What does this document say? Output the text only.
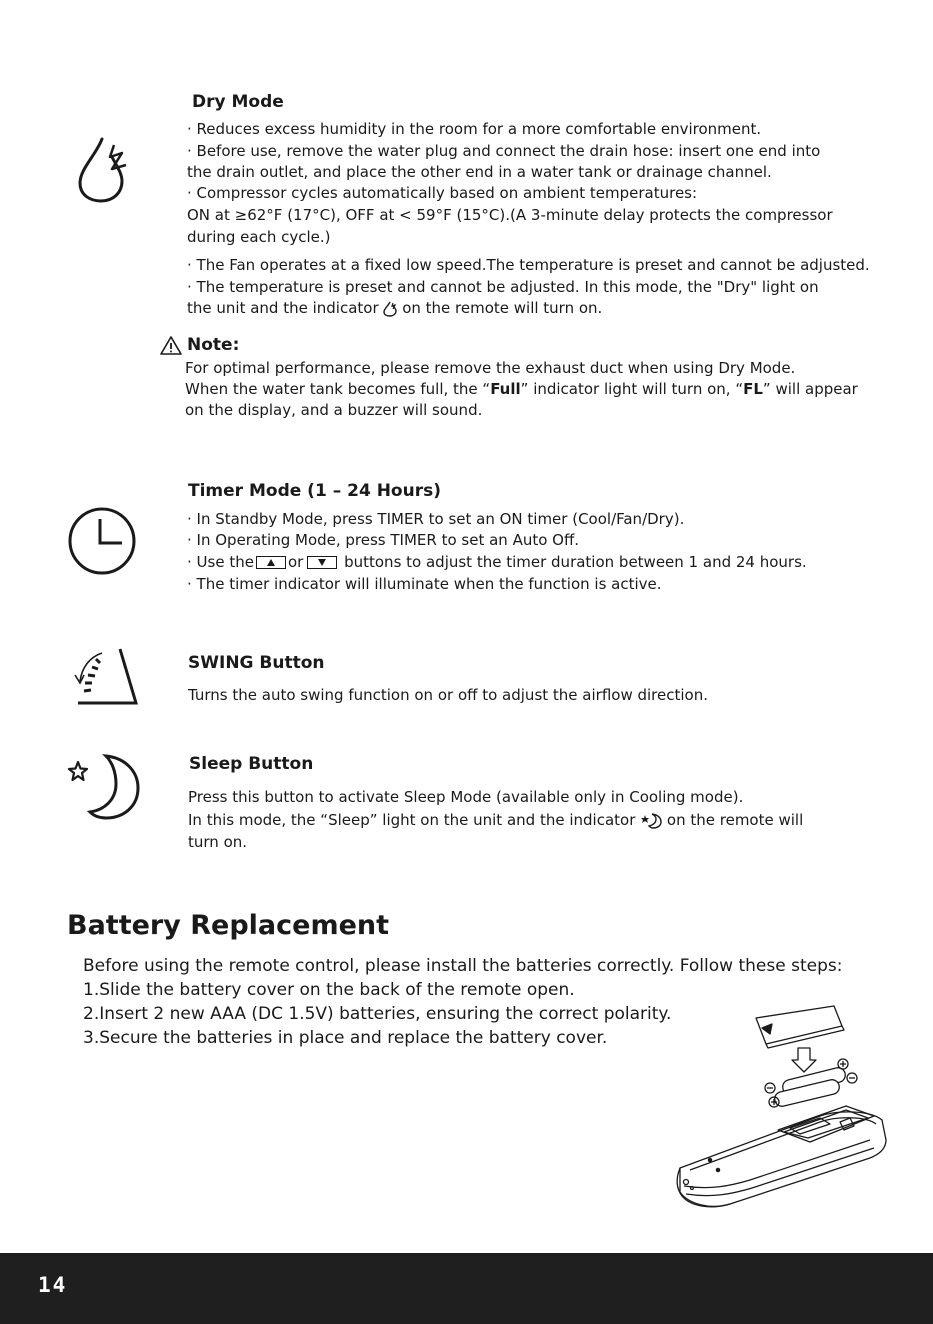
Dry Mode
· Reduces excess humidity in the room for a more comfortable environment.
· Before use, remove the water plug and connect the drain hose: insert one end into
the drain outlet, and place the other end in a water tank or drainage channel.
· Compressor cycles automatically based on ambient temperatures:
ON at ≥62°F (17°C), OFF at < 59°F (15°C).(A 3-minute delay protects the compressor
during each cycle.)
· The Fan operates at a fixed low speed.The temperature is preset and cannot be adjusted.
· The temperature is preset and cannot be adjusted. In this mode, the "Dry" light on
the unit and the indicator on the remote will turn on.
Note:
For optimal performance, please remove the exhaust duct when using Dry Mode.
When the water tank becomes full, the “Full” indicator light will turn on, “FL” will appear
on the display, and a buzzer will sound.
Timer Mode (1 – 24 Hours)
· In Standby Mode, press TIMER to set an ON timer (Cool/Fan/Dry).
· In Operating Mode, press TIMER to set an Auto Off.
· Use the or	buttons to adjust the timer duration between 1 and 24 hours.
· The timer indicator will illuminate when the function is active.
SWING Button
Turns the auto swing function on or off to adjust the airflow direction.
Sleep Button
Press this button to activate Sleep Mode (available only in Cooling mode).
In this mode, the “Sleep” light on the unit and the indicator on the remote will
turn on.
Battery Replacement
Before using the remote control, please install the batteries correctly. Follow these steps:
1.Slide the battery cover on the back of the remote open.
2.Insert 2 new AAA (DC 1.5V) batteries, ensuring the correct polarity.
3.Secure the batteries in place and replace the battery cover.
14
